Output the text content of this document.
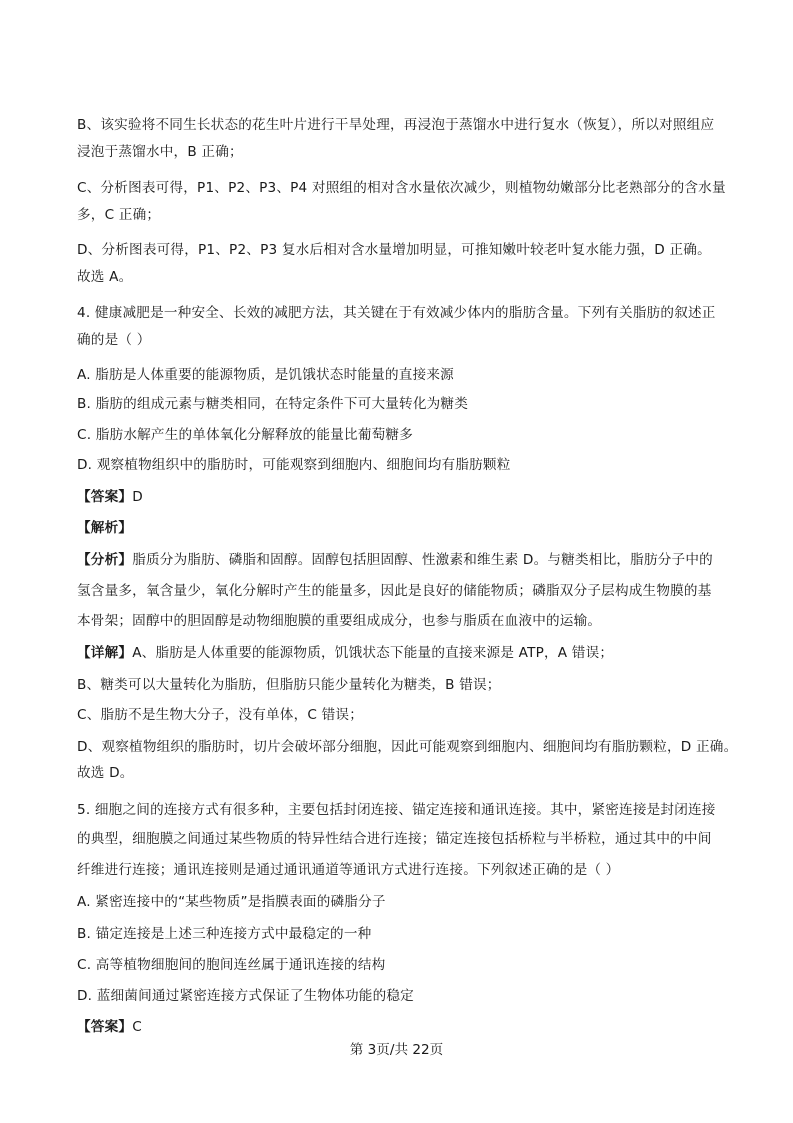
B、该实验将不同生长状态的花生叶片进行干旱处理，再浸泡于蒸馏水中进行复水（恢复），所以对照组应
浸泡于蒸馏水中，B 正确；
C、分析图表可得，P1、P2、P3、P4 对照组的相对含水量依次减少，则植物幼嫩部分比老熟部分的含水量
多，C 正确；
D、分析图表可得，P1、P2、P3 复水后相对含水量增加明显，可推知嫩叶较老叶复水能力强，D 正确。
故选 A。
4. 健康减肥是一种安全、长效的减肥方法，其关键在于有效减少体内的脂肪含量。下列有关脂肪的叙述正
确的是（ ）
A. 脂肪是人体重要的能源物质，是饥饿状态时能量的直接来源
B. 脂肪的组成元素与糖类相同，在特定条件下可大量转化为糖类
C. 脂肪水解产生的单体氧化分解释放的能量比葡萄糖多
D. 观察植物组织中的脂肪时，可能观察到细胞内、细胞间均有脂肪颗粒
【答案】D
【解析】
【分析】脂质分为脂肪、磷脂和固醇。固醇包括胆固醇、性激素和维生素 D。与糖类相比，脂肪分子中的
氢含量多，氧含量少，氧化分解时产生的能量多，因此是良好的储能物质；磷脂双分子层构成生物膜的基
本骨架；固醇中的胆固醇是动物细胞膜的重要组成成分，也参与脂质在血液中的运输。
【详解】A、脂肪是人体重要的能源物质，饥饿状态下能量的直接来源是 ATP，A 错误；
B、糖类可以大量转化为脂肪，但脂肪只能少量转化为糖类，B 错误；
C、脂肪不是生物大分子，没有单体，C 错误；
D、观察植物组织的脂肪时，切片会破坏部分细胞，因此可能观察到细胞内、细胞间均有脂肪颗粒，D 正确。
故选 D。
5. 细胞之间的连接方式有很多种，主要包括封闭连接、锚定连接和通讯连接。其中，紧密连接是封闭连接
的典型，细胞膜之间通过某些物质的特异性结合进行连接；锚定连接包括桥粒与半桥粒，通过其中的中间
纤维进行连接；通讯连接则是通过通讯通道等通讯方式进行连接。下列叙述正确的是（ ）
A. 紧密连接中的“某些物质”是指膜表面的磷脂分子
B. 锚定连接是上述三种连接方式中最稳定的一种
C. 高等植物细胞间的胞间连丝属于通讯连接的结构
D. 蓝细菌间通过紧密连接方式保证了生物体功能的稳定
【答案】C
第 3页/共 22页
